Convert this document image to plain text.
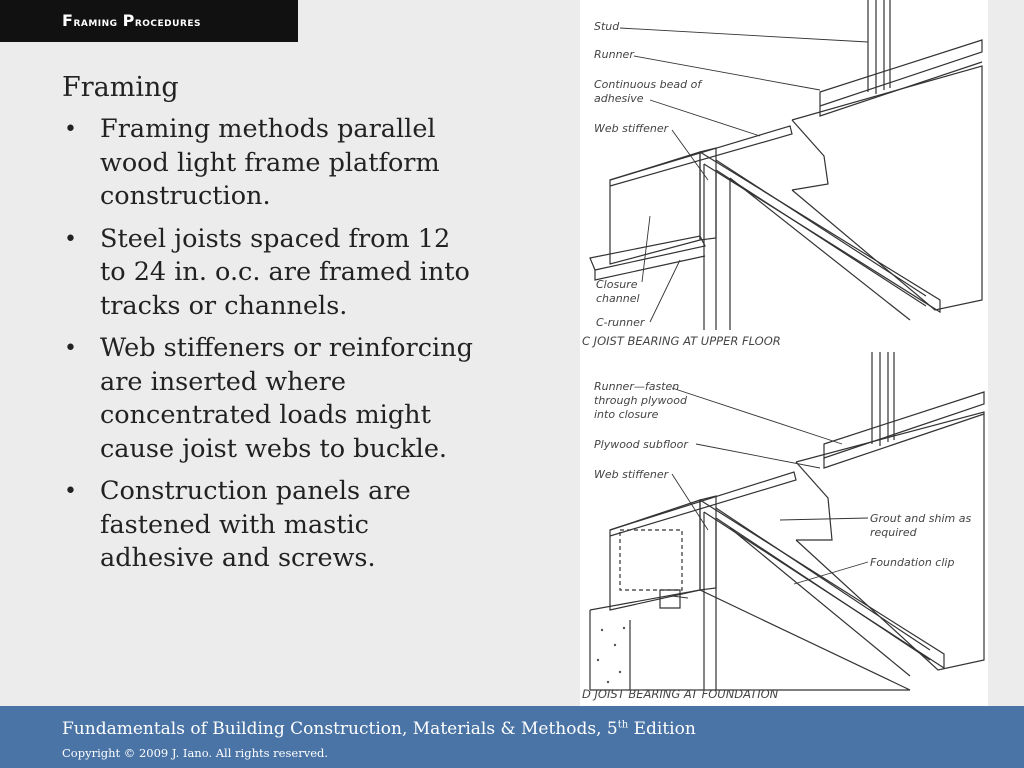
Framing Procedures
Framing
• Framing methods parallel wood light frame platform construction.
• Steel joists spaced from 12 to 24 in. o.c. are framed into tracks or channels.
• Web stiffeners or reinforcing are inserted where concentrated loads might cause joist webs to buckle.
• Construction panels are fastened with mastic adhesive and screws.
Stud
Runner
Continuous bead of
adhesive
Web stiffener
Closure
channel
C-runner
C JOIST BEARING AT UPPER FLOOR
Runner—fasten
through plywood
into closure
Plywood subfloor
Web stiffener
Grout and shim as
required
Foundation clip
D JOIST BEARING AT FOUNDATION
Fundamentals of Building Construction, Materials & Methods, 5th Edition
Copyright © 2009 J. Iano. All rights reserved.
